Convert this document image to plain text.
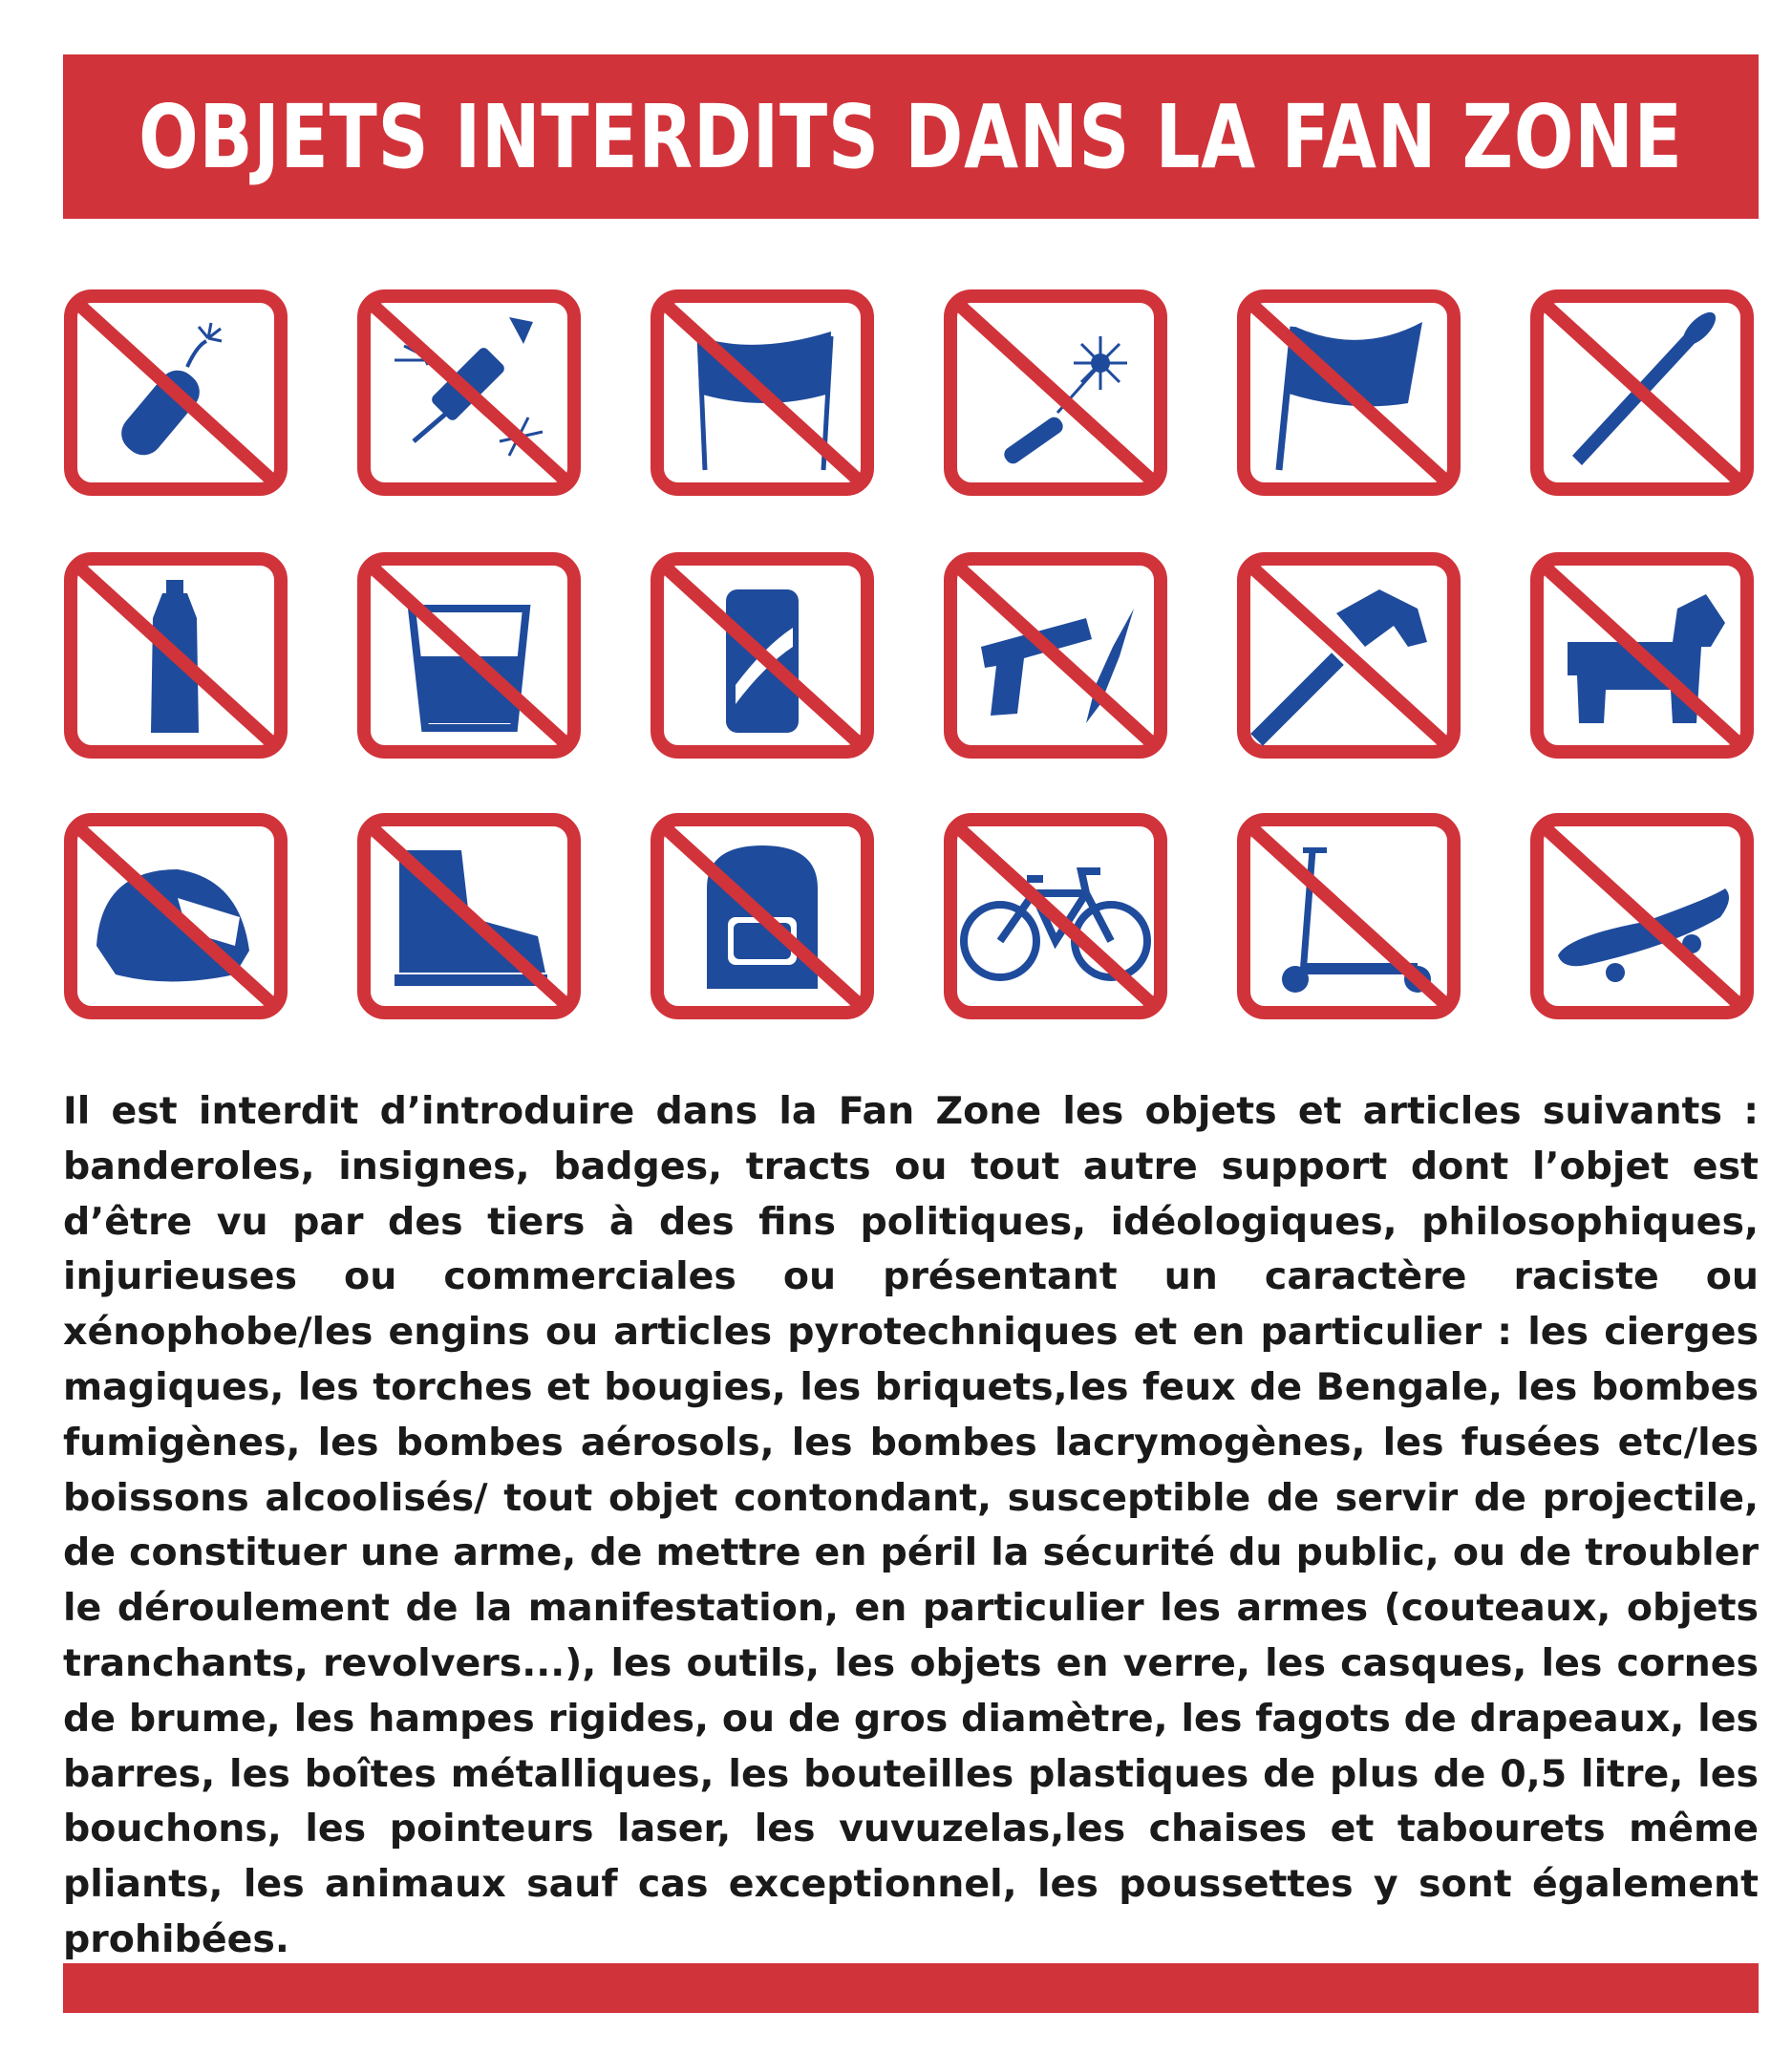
OBJETS INTERDITS DANS LA FAN ZONE

Il est interdit d’introduire dans la Fan Zone les objets et articles suivants : banderoles, insignes, badges, tracts ou tout autre support dont l’objet est d’être vu par des tiers à des fins politiques, idéologiques, philosophiques, injurieuses ou commerciales ou présentant un caractère raciste ou xénophobe/les engins ou articles pyrotechniques et en particulier : les cierges magiques, les torches et bougies, les briquets,les feux de Bengale, les bombes fumigènes, les bombes aérosols, les bombes lacrymogènes, les fusées etc/les boissons alcoolisés/ tout objet contondant, susceptible de servir de projectile, de constituer une arme, de mettre en péril la sécurité du public, ou de troubler le déroulement de la manifestation, en particulier les armes (couteaux, objets tranchants, revolvers...), les outils, les objets en verre, les casques, les cornes de brume, les hampes rigides, ou de gros diamètre, les fagots de drapeaux, les barres, les boîtes métalliques, les bouteilles plastiques de plus de 0,5 litre, les bouchons, les pointeurs laser, les vuvuzelas,les chaises et tabourets même pliants, les animaux sauf cas exceptionnel, les poussettes y sont également prohibées.
